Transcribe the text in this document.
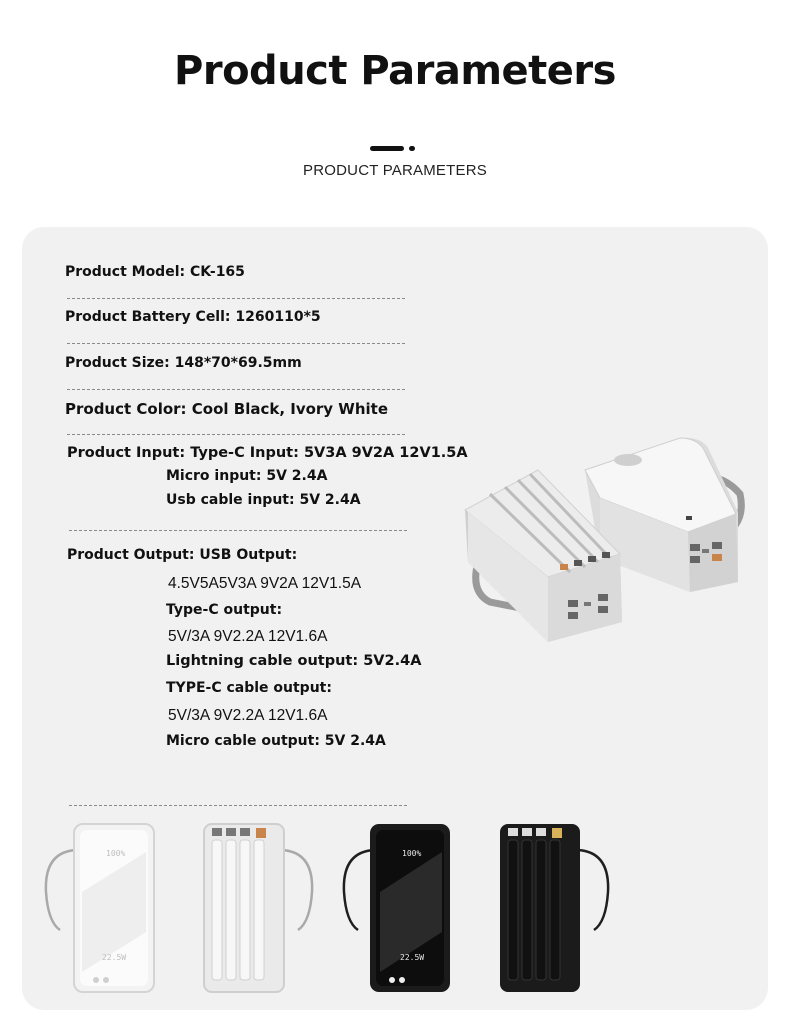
Product Parameters
PRODUCT PARAMETERS
Product Model: CK-165
Product Battery Cell: 1260110*5
Product Size: 148*70*69.5mm
Product Color: Cool Black, Ivory White
Product Input: Type-C Input: 5V3A 9V2A 12V1.5A
Micro input: 5V 2.4A
Usb cable input: 5V 2.4A
Product Output: USB Output:
4.5V5A5V3A 9V2A 12V1.5A
Type-C output:
5V/3A 9V2.2A 12V1.6A
Lightning cable output: 5V2.4A
TYPE-C cable output:
5V/3A 9V2.2A 12V1.6A
Micro cable output: 5V 2.4A
100%
22.5W
100%
22.5W
